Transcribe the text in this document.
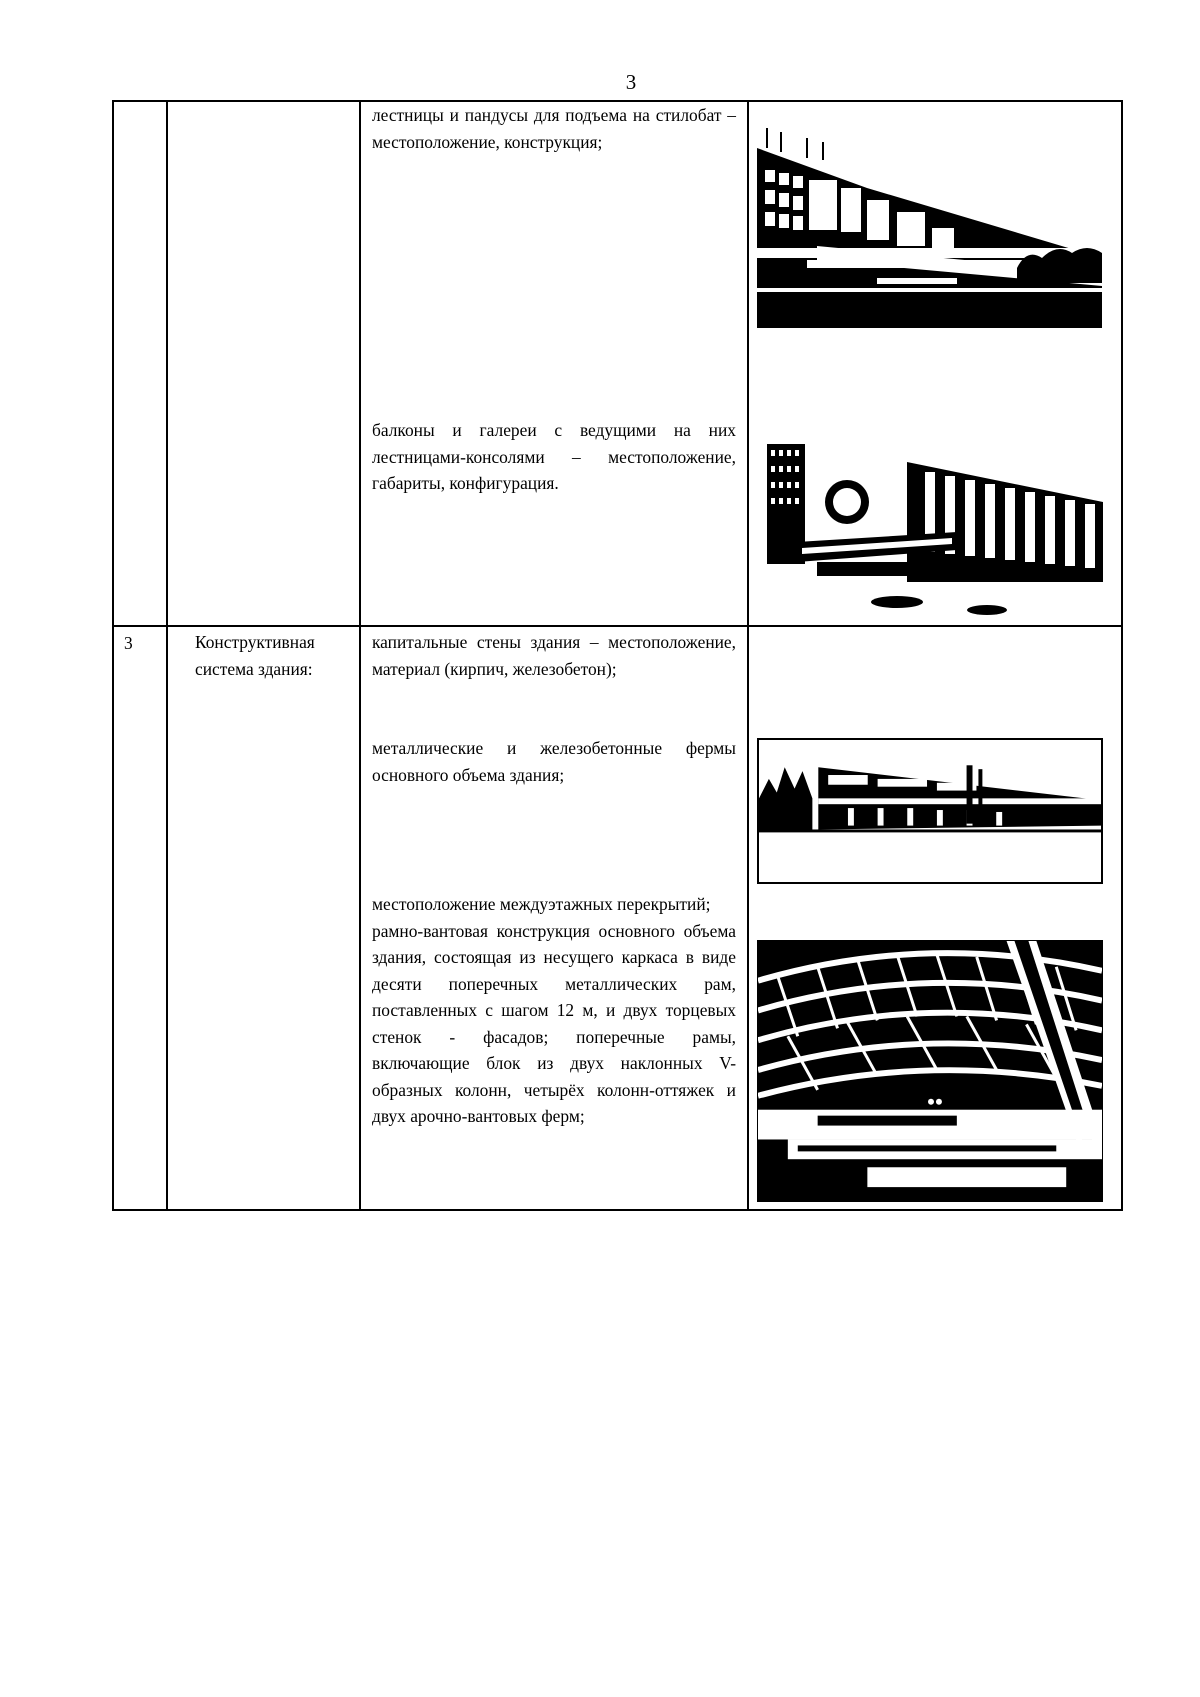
3

лестницы и пандусы для подъема на стилобат – местоположение, конструкция;

балконы и галереи с ведущими на них лестницами-консолями – местоположение, габариты, конфигурация.

3	Конструктивная
система здания:

капитальные стены здания – местоположение, материал (кирпич, железобетон);

металлические и железобетонные фермы основного объема здания;

местоположение междуэтажных перекрытий;

рамно-вантовая конструкция основного объема здания, состоящая из несущего каркаса в виде десяти поперечных металлических рам, поставленных с шагом 12 м, и двух торцевых стенок - фасадов; поперечные рамы, включающие блок из двух наклонных V-образных колонн, четырёх колонн-оттяжек и двух арочно-вантовых ферм;
